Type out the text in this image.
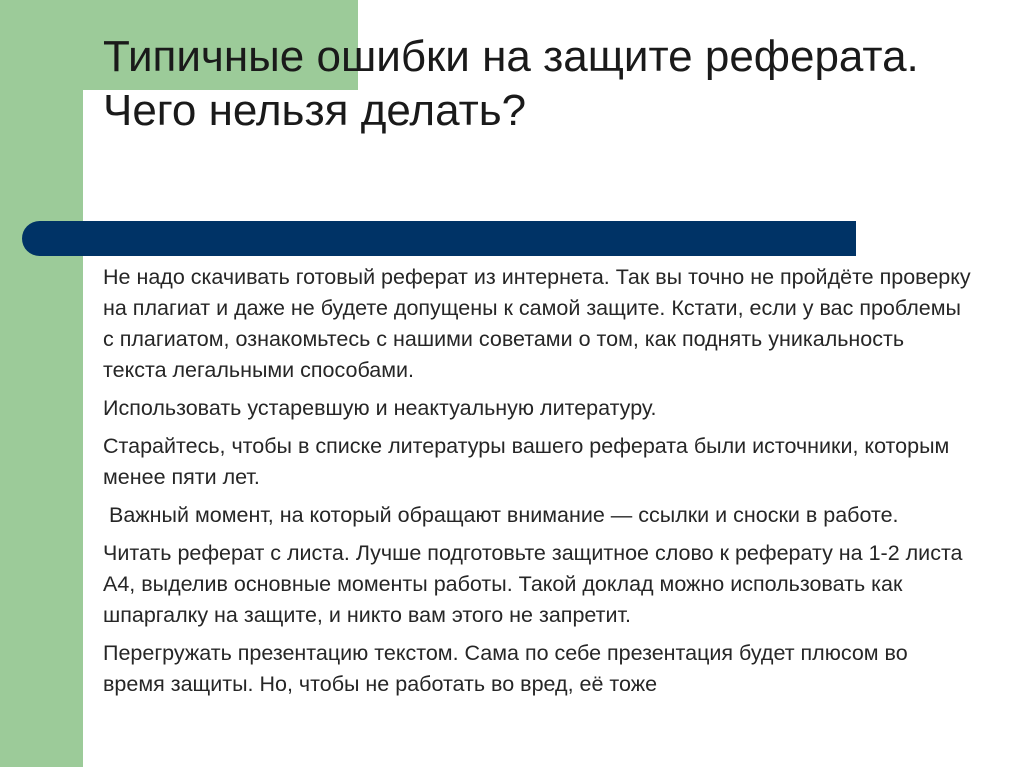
Типичные ошибки на защите реферата. Чего нельзя делать?

Не надо скачивать готовый реферат из интернета. Так вы точно не пройдёте проверку на плагиат и даже не будете допущены к самой защите. Кстати, если у вас проблемы с плагиатом, ознакомьтесь с нашими советами о том, как поднять уникальность текста легальными способами.

Использовать устаревшую и неактуальную литературу.

Старайтесь, чтобы в списке литературы вашего реферата были источники, которым менее пяти лет.

Важный момент, на который обращают внимание — ссылки и сноски в работе.

Читать реферат с листа. Лучше подготовьте защитное слово к реферату на 1-2 листа А4, выделив основные моменты работы. Такой доклад можно использовать как шпаргалку на защите, и никто вам этого не запретит.

Перегружать презентацию текстом. Сама по себе презентация будет плюсом во время защиты. Но, чтобы не работать во вред, её тоже
